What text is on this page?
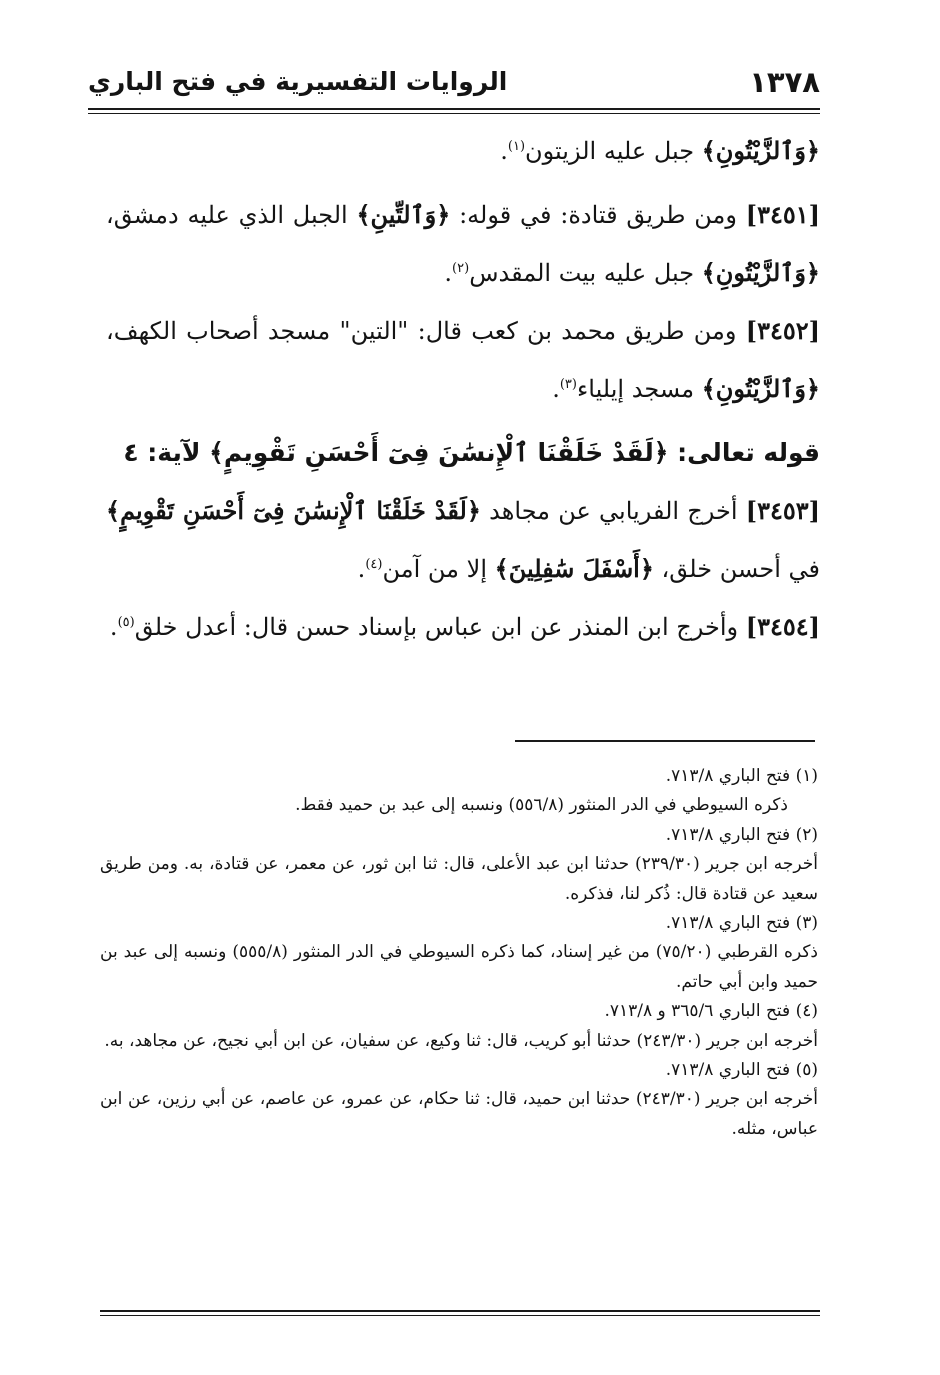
١٣٧٨
الروايات التفسيرية في فتح الباري

﴿وَٱلزَّيْتُونِ﴾ جبل عليه الزيتون$^{(١)}$.

[٣٤٥١] ومن طريق قتادة: في قوله: ﴿وَٱلتِّينِ﴾ الجبل الذي عليه دمشق، ﴿وَٱلزَّيْتُونِ﴾ جبل عليه بيت المقدس$^{(٢)}$.

[٣٤٥٢] ومن طريق محمد بن كعب قال: "التين" مسجد أصحاب الكهف، ﴿وَٱلزَّيْتُونِ﴾ مسجد إيلياء$^{(٣)}$.

قوله تعالى: ﴿لَقَدْ خَلَقْنَا ٱلْإِنسَٰنَ فِىٓ أَحْسَنِ تَقْوِيمٍ﴾ لآية: ٤

[٣٤٥٣] أخرج الفريابي عن مجاهد ﴿لَقَدْ خَلَقْنَا ٱلْإِنسَٰنَ فِىٓ أَحْسَنِ تَقْوِيمٍ﴾ في أحسن خلق، ﴿أَسْفَلَ سَٰفِلِينَ﴾ إلا من آمن$^{(٤)}$.

[٣٤٥٤] وأخرج ابن المنذر عن ابن عباس بإسناد حسن قال: أعدل خلق$^{(٥)}$.

(١) فتح الباري ٧١٣/٨.

ذكره السيوطي في الدر المنثور (٥٥٦/٨) ونسبه إلى عبد بن حميد فقط.

(٢) فتح الباري ٧١٣/٨.

أخرجه ابن جرير (٢٣٩/٣٠) حدثنا ابن عبد الأعلى، قال: ثنا ابن ثور، عن معمر، عن قتادة، به. ومن طريق سعيد عن قتادة قال: ذُكر لنا، فذكره.

(٣) فتح الباري ٧١٣/٨.

ذكره القرطبي (٧٥/٢٠) من غير إسناد، كما ذكره السيوطي في الدر المنثور (٥٥٥/٨) ونسبه إلى عبد بن حميد وابن أبي حاتم.

(٤) فتح الباري ٣٦٥/٦ و ٧١٣/٨.

أخرجه ابن جرير (٢٤٣/٣٠) حدثنا أبو كريب، قال: ثنا وكيع، عن سفيان، عن ابن أبي نجيح، عن مجاهد، به.

(٥) فتح الباري ٧١٣/٨.

أخرجه ابن جرير (٢٤٣/٣٠) حدثنا ابن حميد، قال: ثنا حكام، عن عمرو، عن عاصم، عن أبي رزين، عن ابن عباس، مثله.
